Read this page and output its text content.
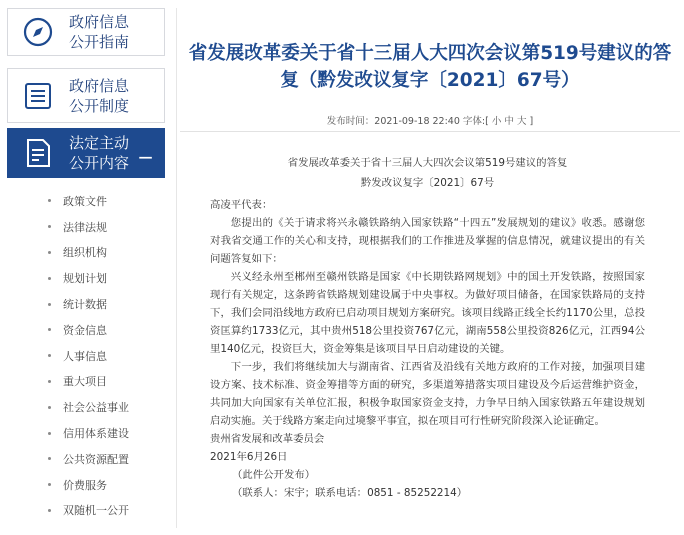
政府信息
公开指南
政府信息
公开制度
法定主动
公开内容 −
政策文件
法律法规
组织机构
规划计划
统计数据
资金信息
人事信息
重大项目
社会公益事业
信用体系建设
公共资源配置
价费服务
双随机一公开
省发展改革委关于省十三届人大四次会议第519号建议的答复（黔发改议复字〔2021〕67号）
发布时间：2021-09-18 22:40 字体:[ 小 中 大 ]
省发展改革委关于省十三届人大四次会议第519号建议的答复
黔发改议复字〔2021〕67号

高凌平代表：

您提出的《关于请求将兴永赣铁路纳入国家铁路“十四五”发展规划的建议》收悉。感谢您对我省交通工作的关心和支持，现根据我们的工作推进及掌握的信息情况，就建议提出的有关问题答复如下：

兴义经永州至郴州至赣州铁路是国家《中长期铁路网规划》中的国土开发铁路，按照国家现行有关规定，这条跨省铁路规划建设属于中央事权。为做好项目储备，在国家铁路局的支持下，我们会同沿线地方政府已启动项目规划方案研究。该项目线路正线全长约1170公里，总投资匡算约1733亿元，其中贵州518公里投资767亿元，湖南558公里投资826亿元，江西94公里140亿元，投资巨大，资金筹集是该项目早日启动建设的关键。

下一步，我们将继续加大与湖南省、江西省及沿线有关地方政府的工作对接，加强项目建设方案、技术标准、资金筹措等方面的研究，多渠道筹措落实项目建设及今后运营维护资金，共同加大向国家有关单位汇报，积极争取国家资金支持，力争早日纳入国家铁路五年建设规划启动实施。关于线路方案走向过境黎平事宜，拟在项目可行性研究阶段深入论证确定。

贵州省发展和改革委员会

2021年6月26日

（此件公开发布）

（联系人：宋宇；联系电话：0851 - 85252214）
